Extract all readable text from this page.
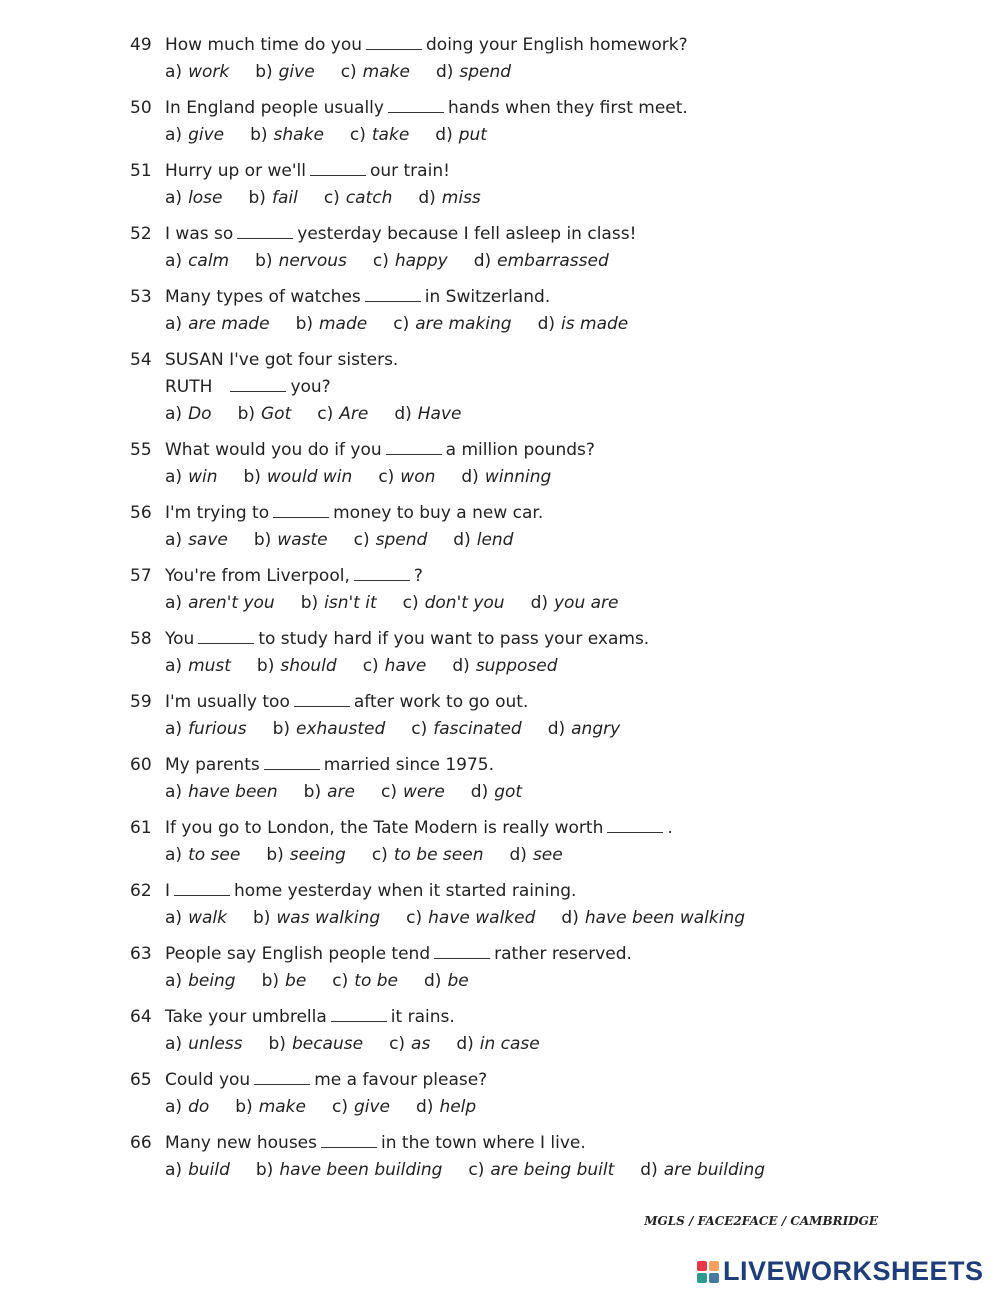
49 How much time do you	doing your English homework?
a) work b) give c) make d) spend
50 In England people usually	hands when they first meet.
a) give b) shake c) take d) put
51 Hurry up or we'll	our train!
a) lose b) fail c) catch d) miss
52 I was so	yesterday because I fell asleep in class!
a) calm b) nervous c) happy d) embarrassed
53 Many types of watches	in Switzerland.
a) are made b) made c) are making d) is made
54 SUSAN I've got four sisters.
RUTH	you?
a) Do b) Got c) Are d) Have
55 What would you do if you	a million pounds?
a) win b) would win c) won d) winning
56 I'm trying to	money to buy a new car.
a) save b) waste c) spend d) lend
57 You're from Liverpool,	?
a) aren't you b) isn't it c) don't you d) you are
58 You	to study hard if you want to pass your exams.
a) must b) should c) have d) supposed
59 I'm usually too	after work to go out.
a) furious b) exhausted c) fascinated d) angry
60 My parents	married since 1975.
a) have been b) are c) were d) got
61 If you go to London, the Tate Modern is really worth	.
a) to see b) seeing c) to be seen d) see
62 I	home yesterday when it started raining.
a) walk b) was walking c) have walked d) have been walking
63 People say English people tend	rather reserved.
a) being b) be c) to be d) be
64 Take your umbrella	it rains.
a) unless b) because c) as d) in case
65 Could you	me a favour please?
a) do b) make c) give d) help
66 Many new houses	in the town where I live.
a) build b) have been building c) are being built d) are building
MGLS / FACE2FACE / CAMBRIDGE
LIVEWORKSHEETS
